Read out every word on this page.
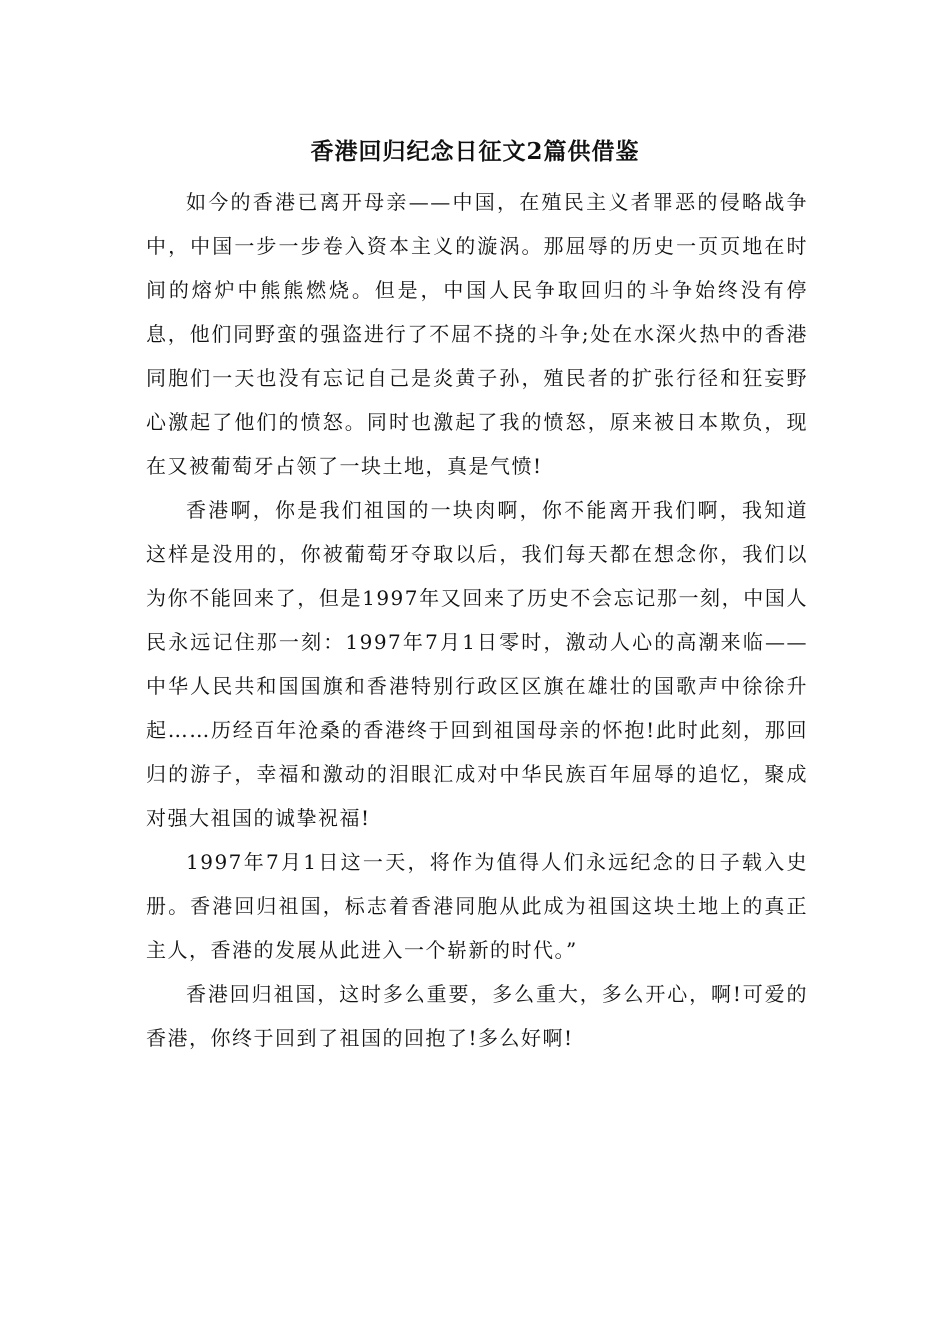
香港回归纪念日征文2篇供借鉴

如今的香港已离开母亲——中国，在殖民主义者罪恶的侵略战争中，中国一步一步卷入资本主义的漩涡。那屈辱的历史一页页地在时间的熔炉中熊熊燃烧。但是，中国人民争取回归的斗争始终没有停息，他们同野蛮的强盗进行了不屈不挠的斗争;处在水深火热中的香港同胞们一天也没有忘记自己是炎黄子孙，殖民者的扩张行径和狂妄野心激起了他们的愤怒。同时也激起了我的愤怒，原来被日本欺负，现在又被葡萄牙占领了一块土地，真是气愤!

香港啊，你是我们祖国的一块肉啊，你不能离开我们啊，我知道这样是没用的，你被葡萄牙夺取以后，我们每天都在想念你，我们以为你不能回来了，但是1997年又回来了历史不会忘记那一刻，中国人民永远记住那一刻：1997年7月1日零时，激动人心的高潮来临——中华人民共和国国旗和香港特别行政区区旗在雄壮的国歌声中徐徐升起……历经百年沧桑的香港终于回到祖国母亲的怀抱!此时此刻，那回归的游子，幸福和激动的泪眼汇成对中华民族百年屈辱的追忆，聚成对强大祖国的诚挚祝福!

1997年7月1日这一天，将作为值得人们永远纪念的日子载入史册。香港回归祖国，标志着香港同胞从此成为祖国这块土地上的真正主人，香港的发展从此进入一个崭新的时代。”

香港回归祖国，这时多么重要，多么重大，多么开心，啊!可爱的香港，你终于回到了祖国的回抱了!多么好啊!
